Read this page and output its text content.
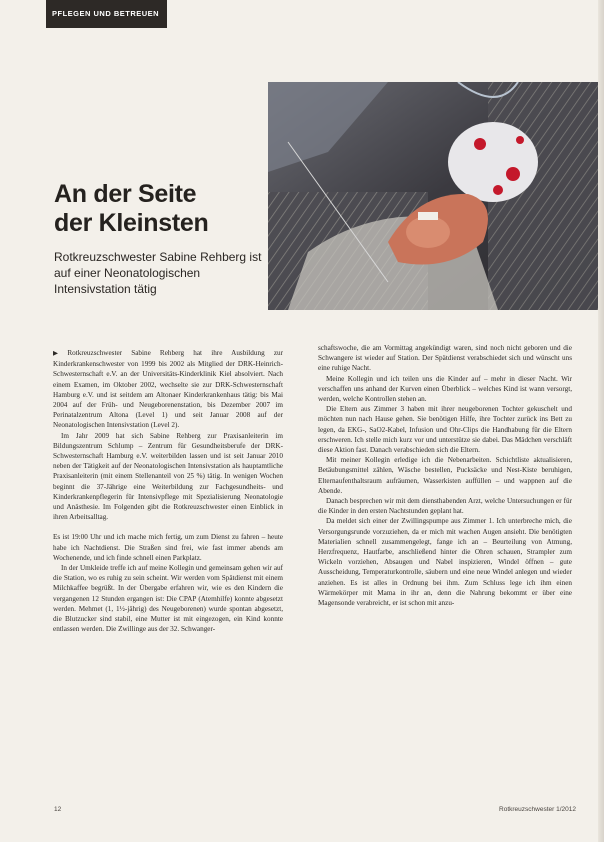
PFLEGEN UND BETREUEN
An der Seite
der Kleinsten

Rotkreuzschwester Sabine Rehberg ist auf einer Neonatologischen Intensivstation tätig

▶ Rotkreuzschwester Sabine Rehberg hat ihre Ausbildung zur Kinderkrankenschwester von 1999 bis 2002 als Mitglied der DRK-Heinrich-Schwesternschaft e.V. an der Universitäts-Kinderklinik Kiel absolviert. Nach einem Examen, im Oktober 2002, wechselte sie zur DRK-Schwesternschaft Hamburg e.V. und ist seitdem am Altonaer Kinderkrankenhaus tätig: bis Mai 2004 auf der Früh- und Neugeborenenstation, bis Dezember 2007 im Perinatalzentrum Altona (Level 1) und seit Januar 2008 auf der Neonatologischen Intensivstation (Level 2).

Im Jahr 2009 hat sich Sabine Rehberg zur Praxisanleiterin im Bildungszentrum Schlump – Zentrum für Gesundheitsberufe der DRK-Schwesternschaft Hamburg e.V. weiterbilden lassen und ist seit Januar 2010 neben der Tätigkeit auf der Neonatologischen Intensivstation als hauptamtliche Praxisanleiterin (mit einem Stellenanteil von 25 %) tätig. In wenigen Wochen beginnt die 37-Jährige eine Weiterbildung zur Fachgesundheits- und Kinderkrankenpflegerin für Intensivpflege mit Spezialisierung Neonatologie und Anästhesie. Im Folgenden gibt die Rotkreuzschwester einen Einblick in ihren Arbeitsalltag.

Es ist 19:00 Uhr und ich mache mich fertig, um zum Dienst zu fahren – heute habe ich Nachtdienst. Die Straßen sind frei, wie fast immer abends am Wochenende, und ich finde schnell einen Parkplatz.

In der Umkleide treffe ich auf meine Kollegin und gemeinsam gehen wir auf die Station, wo es ruhig zu sein scheint. Wir werden vom Spätdienst mit einem Milchkaffee begrüßt. In der Übergabe erfahren wir, wie es den Kindern die vergangenen 12 Stunden ergangen ist: Die CPAP (Atemhilfe) konnte abgesetzt werden. Mehmet (1, 1½-jährig) des Neugeborenen) wurde spontan abgesetzt, die Blutzucker sind stabil, eine Mutter ist mit eingezogen, ein Kind konnte entlassen werden. Die Zwillinge aus der 32. Schwanger-

schaftswoche, die am Vormittag angekündigt waren, sind noch nicht geboren und die Schwangere ist wieder auf Station. Der Spätdienst verabschiedet sich und wünscht uns eine ruhige Nacht.

Meine Kollegin und ich teilen uns die Kinder auf – mehr in dieser Nacht. Wir verschaffen uns anhand der Kurven einen Überblick – welches Kind ist wann versorgt, werden, welche Kontrollen stehen an.

Die Eltern aus Zimmer 3 haben mit ihrer neugeborenen Tochter gekuschelt und möchten nun nach Hause gehen. Sie benötigen Hilfe, ihre Tochter zurück ins Bett zu legen, da EKG-, SaO2-Kabel, Infusion und Ohr-Clips die Handhabung für die Eltern erschweren. Ich stelle mich kurz vor und unterstütze sie dabei. Das Mädchen verschläft diese Aktion fast. Danach verabschieden sich die Eltern.

Mit meiner Kollegin erledige ich die Nebenarbeiten. Schichtliste aktualisieren, Betäubungsmittel zählen, Wäsche bestellen, Pucksäcke und Nest-Kiste beruhigen, Elternaufenthaltsraum aufräumen, Wasserkisten auffüllen – und wappnen auf die Abende.

Danach besprechen wir mit dem diensthabenden Arzt, welche Untersuchungen er für die Kinder in den ersten Nachtstunden geplant hat.

Da meldet sich einer der Zwillingspumpe aus Zimmer 1. Ich unterbreche mich, die Versorgungsrunde vorzuziehen, da er mich mit wachen Augen ansieht. Die benötigten Materialien schnell zusammengelegt, fange ich an – Beurteilung von Atmung, Herzfrequenz, Hautfarbe, anschließend hinter die Ohren schauen, Strampler zum Wickeln vorziehen, Absaugen und Nabel inspizieren, Windel öffnen – gute Ausscheidung, Temperaturkontrolle, säubern und eine neue Windel anlegen und wieder anziehen. Es ist alles in Ordnung bei ihm. Zum Schluss lege ich ihm einen Wärmekörper mit Mama in ihr an, denn die Nahrung bekommt er über eine Magensonde verabreicht, er ist schon mit anzu-

12	Rotkreuzschwester 1/2012
